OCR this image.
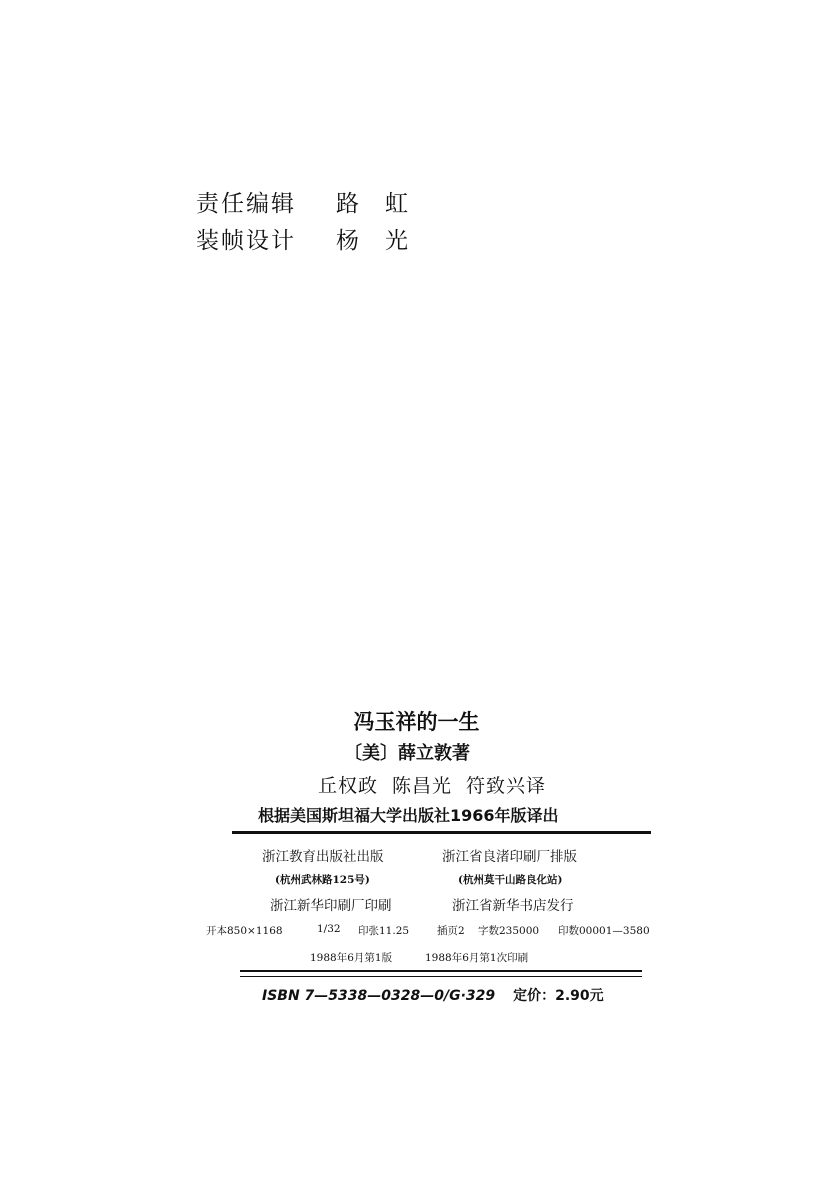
责任编辑 路虹
装帧设计 杨光
冯玉祥的一生
〔美〕薛立敦著
丘权政 陈昌光 符致兴译
根据美国斯坦福大学出版社1966年版译出
浙江教育出版社出版	浙江省良渚印刷厂排版
(杭州武林路125号)	(杭州莫干山路良化站)
浙江新华印刷厂印刷	浙江省新华书店发行
开本850×1168	1/32 印张11.25	插页2 字数235000 印数00001—3580
1988年6月第1版	1988年6月第1次印刷
ISBN 7—5338—0328—0/G·329 定价：2.90元
